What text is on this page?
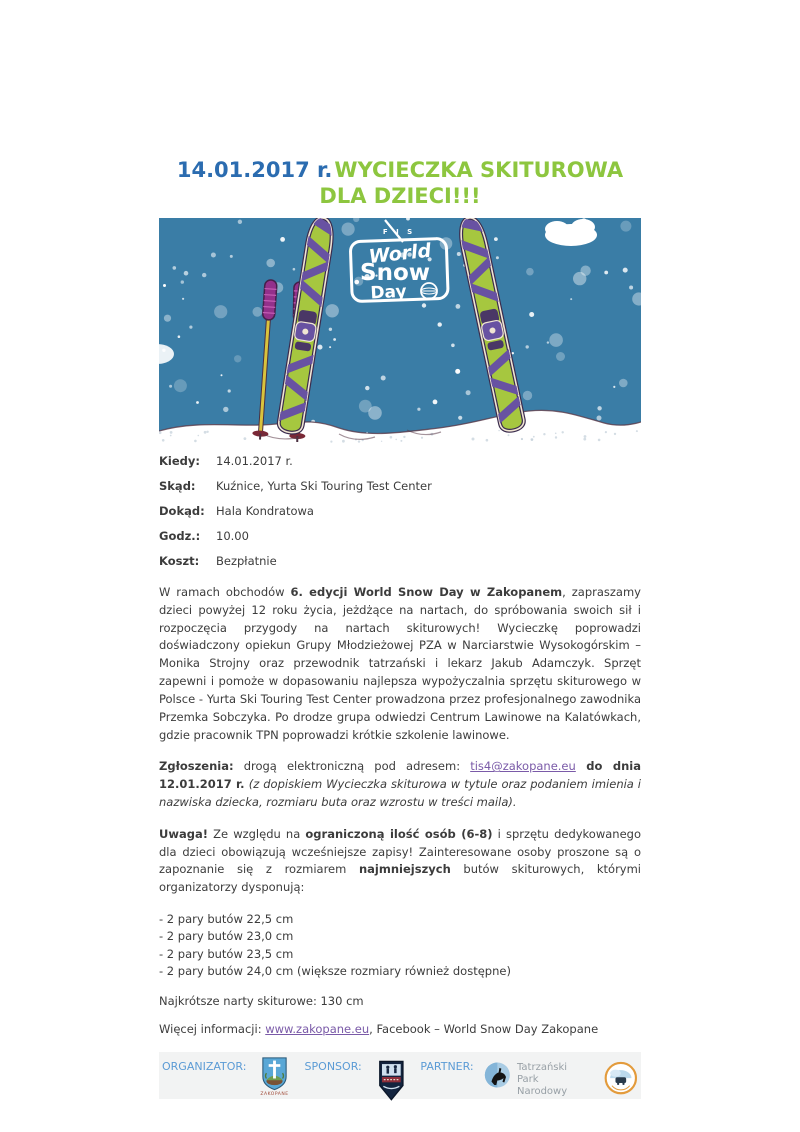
14.01.2017 r.WYCIECZKA SKITUROWA
DLA DZIECI!!!
F I S
World
Snow
Day
Kiedy: 14.01.2017 r.
Skąd: Kuźnice, Yurta Ski Touring Test Center
Dokąd: Hala Kondratowa
Godz.: 10.00
Koszt: Bezpłatnie

W ramach obchodów 6. edycji World Snow Day w Zakopanem, zapraszamy dzieci powyżej 12 roku życia, jeżdżące na nartach, do spróbowania swoich sił i rozpoczęcia przygody na nartach skiturowych! Wycieczkę poprowadzi doświadczony opiekun Grupy Młodzieżowej PZA w Narciarstwie Wysokogórskim – Monika Strojny oraz przewodnik tatrzański i lekarz Jakub Adamczyk. Sprzęt zapewni i pomoże w dopasowaniu najlepsza wypożyczalnia sprzętu skiturowego w Polsce - Yurta Ski Touring Test Center prowadzona przez profesjonalnego zawodnika Przemka Sobczyka. Po drodze grupa odwiedzi Centrum Lawinowe na Kalatówkach, gdzie pracownik TPN poprowadzi krótkie szkolenie lawinowe.

Zgłoszenia: drogą elektroniczną pod adresem: tis4@zakopane.eu do dnia 12.01.2017 r. (z dopiskiem Wycieczka skiturowa w tytule oraz podaniem imienia i nazwiska dziecka, rozmiaru buta oraz wzrostu w treści maila).

Uwaga! Ze względu na ograniczoną ilość osób (6-8) i sprzętu dedykowanego dla dzieci obowiązują wcześniejsze zapisy! Zainteresowane osoby proszone są o zapoznanie się z rozmiarem najmniejszych butów skiturowych, którymi organizatorzy dysponują:

- 2 pary butów 22,5 cm
- 2 pary butów 23,0 cm
- 2 pary butów 23,5 cm
- 2 pary butów 24,0 cm (większe rozmiary również dostępne)

Najkrótsze narty skiturowe: 130 cm

Więcej informacji: www.zakopane.eu, Facebook – World Snow Day Zakopane

ORGANIZATOR:
ZAKOPANE
SPONSOR:	PARTNER:	Tatrzański
Park Narodowy
